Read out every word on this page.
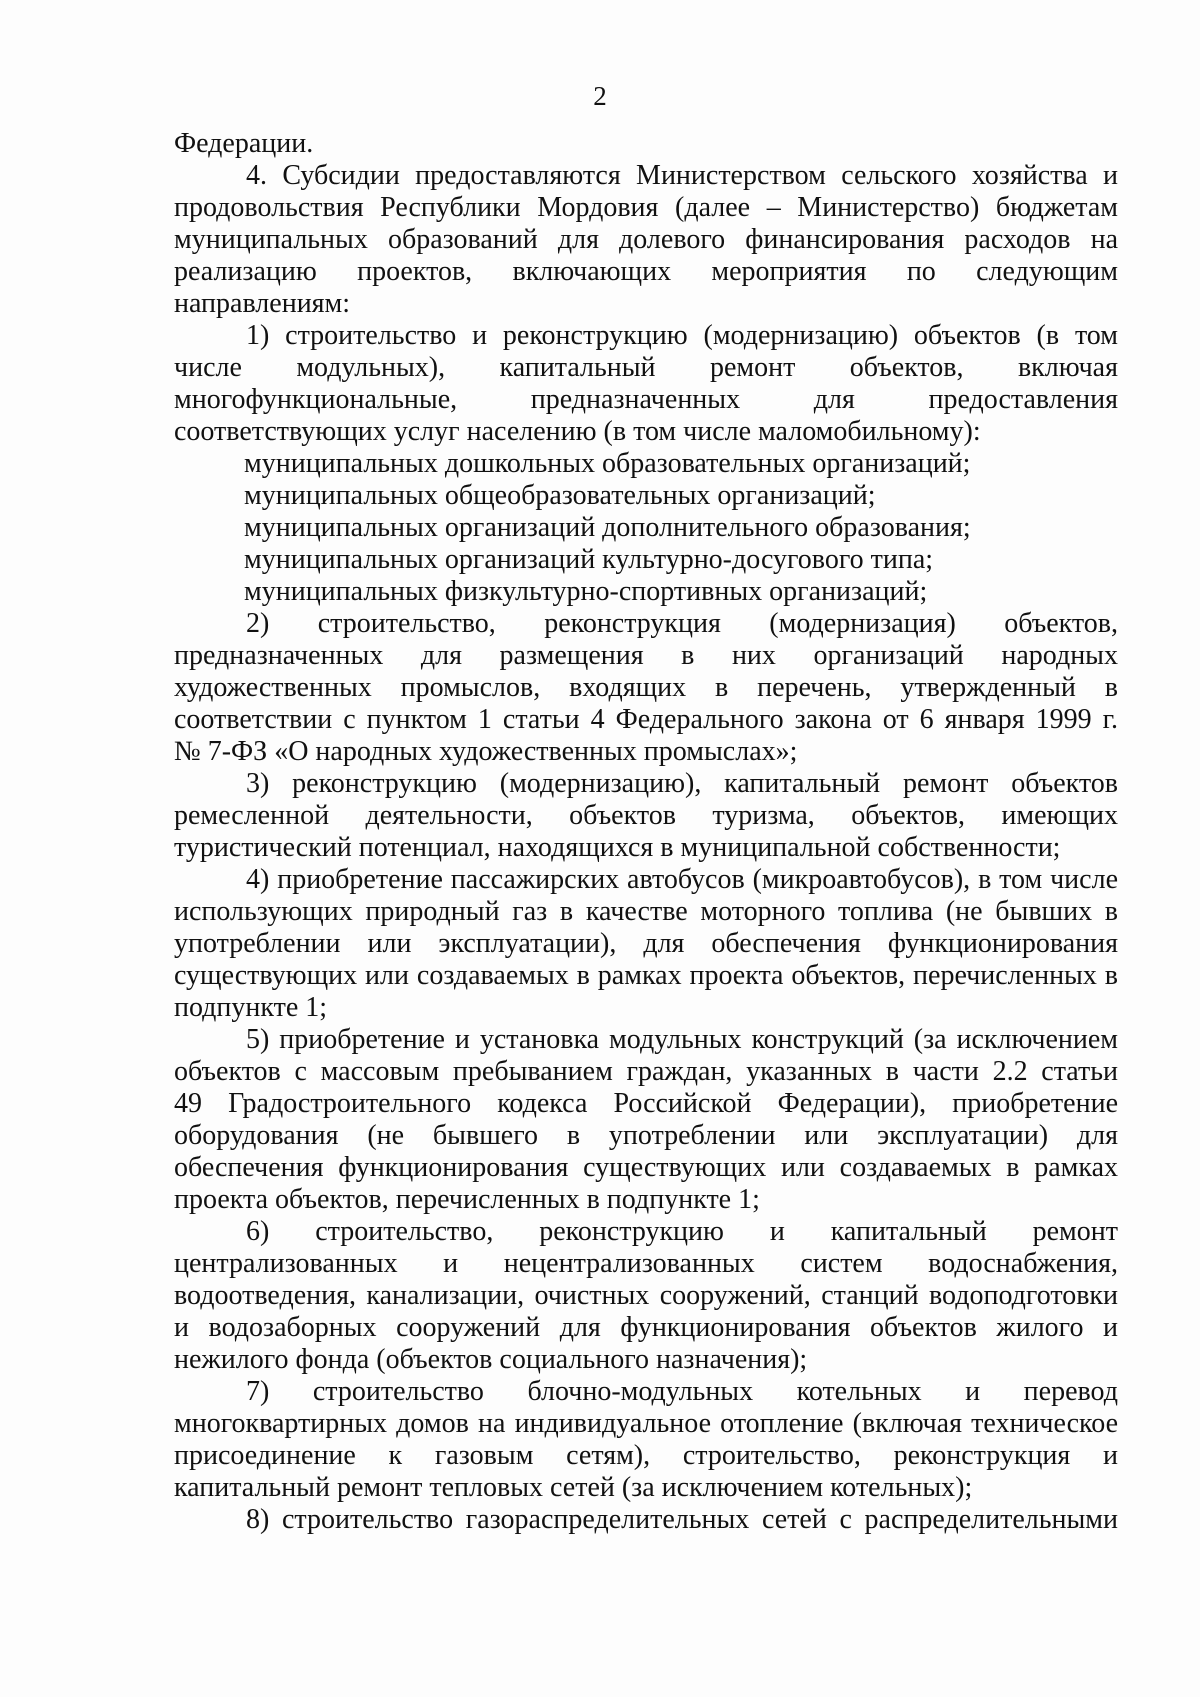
2
Федерации.
4. Субсидии предоставляются Министерством сельского хозяйства и
продовольствия Республики Мордовия (далее – Министерство) бюджетам
муниципальных образований для долевого финансирования расходов на
реализацию проектов, включающих мероприятия по следующим
направлениям:
1) строительство и реконструкцию (модернизацию) объектов (в том
числе модульных), капитальный ремонт объектов, включая
многофункциональные, предназначенных для предоставления
соответствующих услуг населению (в том числе маломобильному):
муниципальных дошкольных образовательных организаций;
муниципальных общеобразовательных организаций;
муниципальных организаций дополнительного образования;
муниципальных организаций культурно-досугового типа;
муниципальных физкультурно-спортивных организаций;
2) строительство, реконструкция (модернизация) объектов,
предназначенных для размещения в них организаций народных
художественных промыслов, входящих в перечень, утвержденный в
соответствии с пунктом 1 статьи 4 Федерального закона от 6 января 1999 г.
№ 7-ФЗ «О народных художественных промыслах»;
3) реконструкцию (модернизацию), капитальный ремонт объектов
ремесленной деятельности, объектов туризма, объектов, имеющих
туристический потенциал, находящихся в муниципальной собственности;
4) приобретение пассажирских автобусов (микроавтобусов), в том числе
использующих природный газ в качестве моторного топлива (не бывших в
употреблении или эксплуатации), для обеспечения функционирования
существующих или создаваемых в рамках проекта объектов, перечисленных в
подпункте 1;
5) приобретение и установка модульных конструкций (за исключением
объектов с массовым пребыванием граждан, указанных в части 2.2 статьи
49 Градостроительного кодекса Российской Федерации), приобретение
оборудования (не бывшего в употреблении или эксплуатации) для
обеспечения функционирования существующих или создаваемых в рамках
проекта объектов, перечисленных в подпункте 1;
6) строительство, реконструкцию и капитальный ремонт
централизованных и нецентрализованных систем водоснабжения,
водоотведения, канализации, очистных сооружений, станций водоподготовки
и водозаборных сооружений для функционирования объектов жилого и
нежилого фонда (объектов социального назначения);
7) строительство блочно-модульных котельных и перевод
многоквартирных домов на индивидуальное отопление (включая техническое
присоединение к газовым сетям), строительство, реконструкция и
капитальный ремонт тепловых сетей (за исключением котельных);
8) строительство газораспределительных сетей с распределительными
